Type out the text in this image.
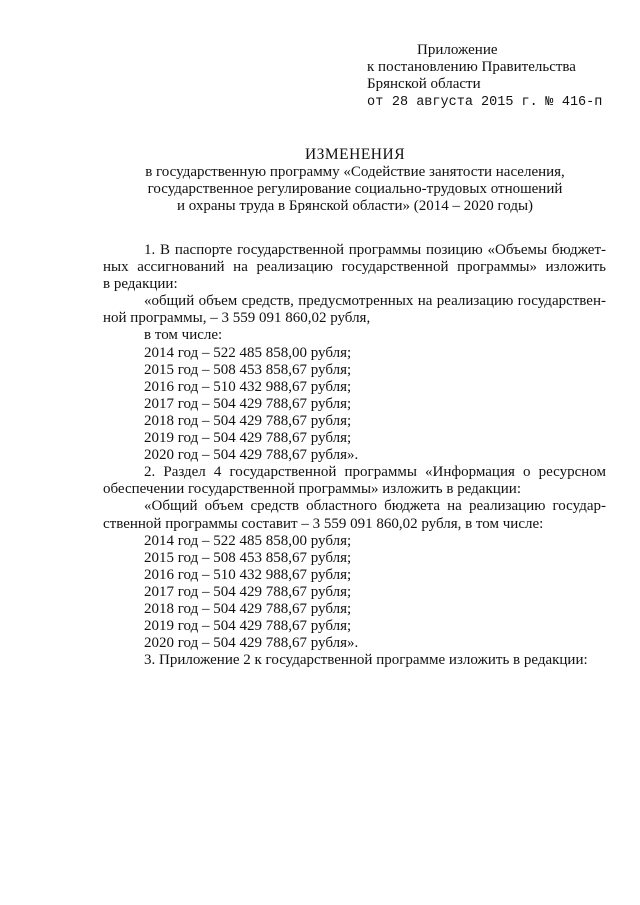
Приложение
к постановлению Правительства
Брянской области
от 28 августа 2015 г. № 416-п
ИЗМЕНЕНИЯ
в государственную программу «Содействие занятости населения,
государственное регулирование социально-трудовых отношений
и охраны труда в Брянской области» (2014 – 2020 годы)
1. В паспорте государственной программы позицию «Объемы бюджет-
ных ассигнований на реализацию государственной программы» изложить
в редакции:
«общий объем средств, предусмотренных на реализацию государствен-
ной программы, – 3 559 091 860,02 рубля,
в том числе:
2014 год – 522 485 858,00 рубля;
2015 год – 508 453 858,67 рубля;
2016 год – 510 432 988,67 рубля;
2017 год – 504 429 788,67 рубля;
2018 год – 504 429 788,67 рубля;
2019 год – 504 429 788,67 рубля;
2020 год – 504 429 788,67 рубля».
2. Раздел 4 государственной программы «Информация о ресурсном
обеспечении государственной программы» изложить в редакции:
«Общий объем средств областного бюджета на реализацию государ-
ственной программы составит – 3 559 091 860,02 рубля, в том числе:
2014 год – 522 485 858,00 рубля;
2015 год – 508 453 858,67 рубля;
2016 год – 510 432 988,67 рубля;
2017 год – 504 429 788,67 рубля;
2018 год – 504 429 788,67 рубля;
2019 год – 504 429 788,67 рубля;
2020 год – 504 429 788,67 рубля».
3. Приложение 2 к государственной программе изложить в редакции:
